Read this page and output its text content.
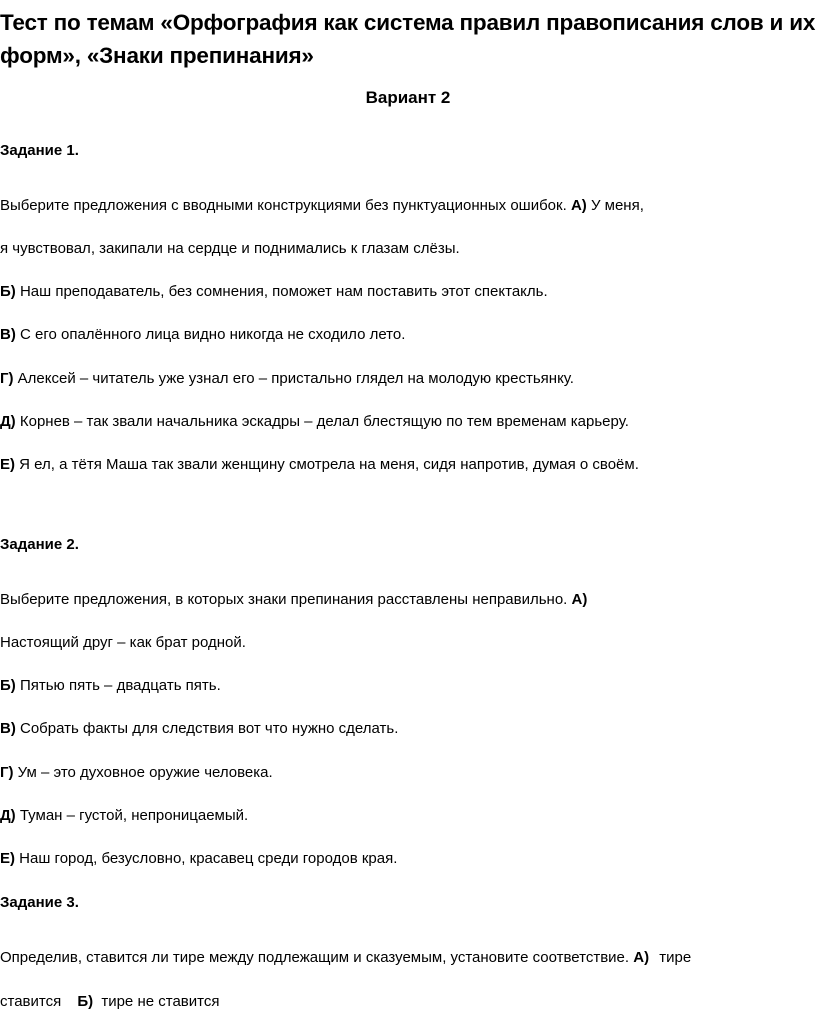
Тест по темам «Орфография как система правил правописания слов и их форм», «Знаки препинания»
Вариант 2
Задание 1.
Выберите предложения с вводными конструкциями без пунктуационных ошибок. А) У меня,
я чувствовал, закипали на сердце и поднимались к глазам слёзы.
Б) Наш преподаватель, без сомнения, поможет нам поставить этот спектакль.
В) С его опалённого лица видно никогда не сходило лето.
Г) Алексей – читатель уже узнал его – пристально глядел на молодую крестьянку.
Д) Корнев – так звали начальника эскадры – делал блестящую по тем временам карьеру.
Е) Я ел, а тётя Маша так звали женщину смотрела на меня, сидя напротив, думая о своём.
Задание 2.
Выберите предложения, в которых знаки препинания расставлены неправильно. А)
Настоящий друг – как брат родной.
Б) Пятью пять – двадцать пять.
В) Собрать факты для следствия вот что нужно сделать.
Г) Ум – это духовное оружие человека.
Д) Туман – густой, непроницаемый.
Е) Наш город, безусловно, красавец среди городов края.
Задание 3.
Определив, ставится ли тире между подлежащим и сказуемым, установите соответствие. А) тире
ставится Б) тире не ставится
